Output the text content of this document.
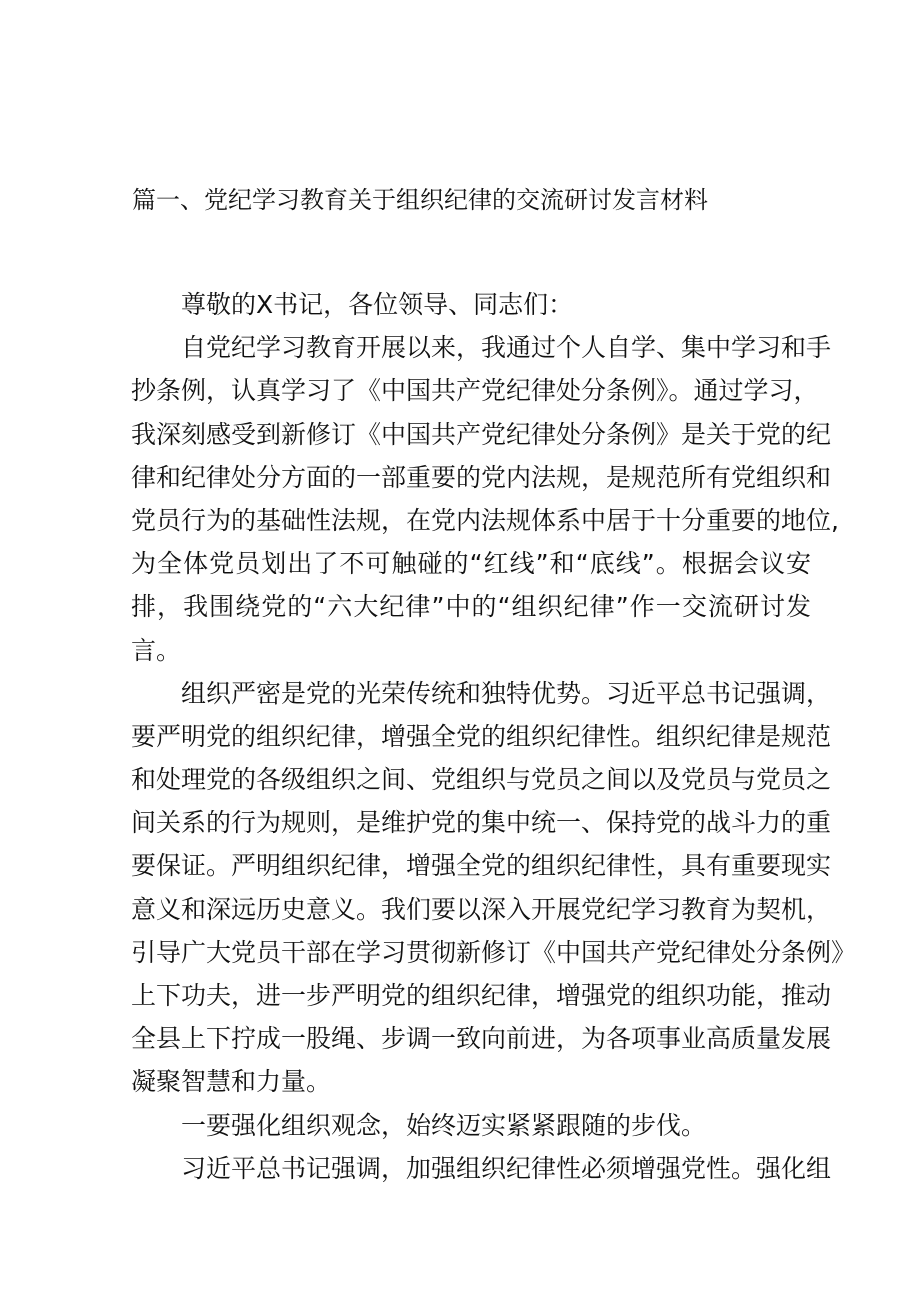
篇一、党纪学习教育关于组织纪律的交流研讨发言材料
尊敬的X书记，各位领导、同志们：
自党纪学习教育开展以来，我通过个人自学、集中学习和手
抄条例，认真学习了《中国共产党纪律处分条例》。通过学习，
我深刻感受到新修订《中国共产党纪律处分条例》是关于党的纪
律和纪律处分方面的一部重要的党内法规，是规范所有党组织和
党员行为的基础性法规，在党内法规体系中居于十分重要的地位,
为全体党员划出了不可触碰的“红线”和“底线”。根据会议安
排，我围绕党的“六大纪律”中的“组织纪律”作一交流研讨发
言。
组织严密是党的光荣传统和独特优势。习近平总书记强调，
要严明党的组织纪律，增强全党的组织纪律性。组织纪律是规范
和处理党的各级组织之间、党组织与党员之间以及党员与党员之
间关系的行为规则，是维护党的集中统一、保持党的战斗力的重
要保证。严明组织纪律，增强全党的组织纪律性，具有重要现实
意义和深远历史意义。我们要以深入开展党纪学习教育为契机，
引导广大党员干部在学习贯彻新修订《中国共产党纪律处分条例》
上下功夫，进一步严明党的组织纪律，增强党的组织功能，推动
全县上下拧成一股绳、步调一致向前进，为各项事业高质量发展
凝聚智慧和力量。
一要强化组织观念，始终迈实紧紧跟随的步伐。
习近平总书记强调，加强组织纪律性必须增强党性。强化组
